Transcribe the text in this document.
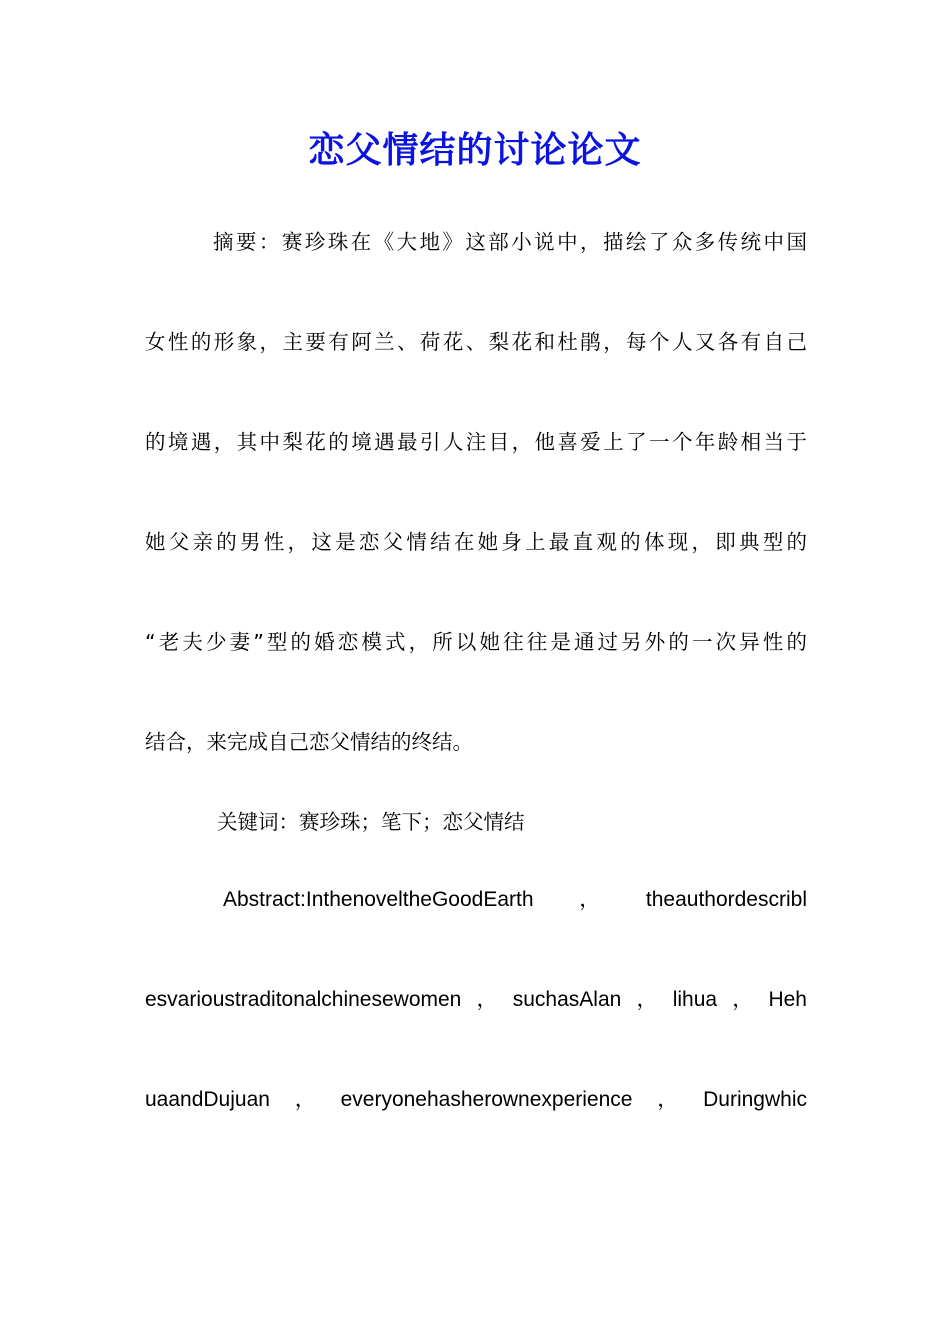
恋父情结的讨论论文
摘要：赛珍珠在《大地》这部小说中，描绘了众多传统中国
女性的形象，主要有阿兰、荷花、梨花和杜鹃，每个人又各有自己
的境遇，其中梨花的境遇最引人注目，他喜爱上了一个年龄相当于
她父亲的男性，这是恋父情结在她身上最直观的体现，即典型的
“老夫少妻”型的婚恋模式，所以她往往是通过另外的一次异性的
结合，来完成自己恋父情结的终结。
关键词：赛珍珠；笔下；恋父情结
Abstract:InthenoveltheGoodEarth，theauthordescribl
esvarioustraditonalchinesewomen，suchasAlan，lihua，Heh
uaandDujuan，everyonehasherownexperience，Duringwhic
